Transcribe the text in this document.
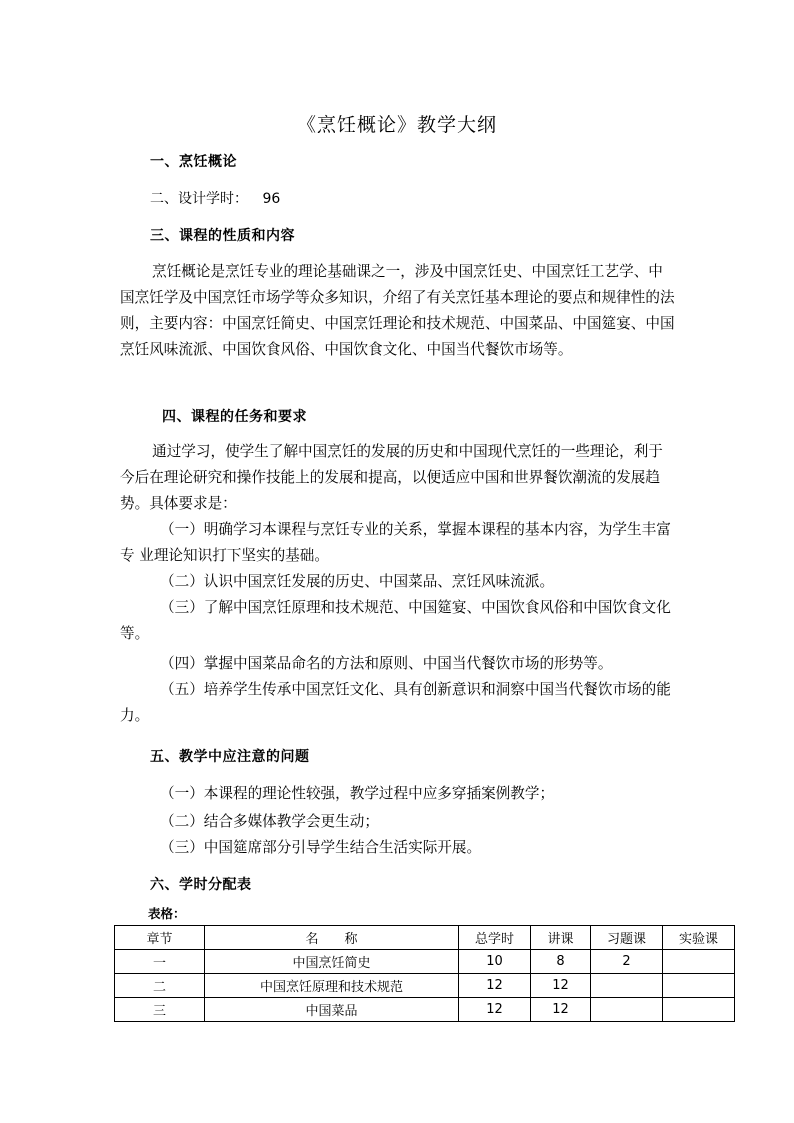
《烹饪概论》教学大纲
一、烹饪概论
二、设计学时： 96
三、课程的性质和内容

烹饪概论是烹饪专业的理论基础课之一，涉及中国烹饪史、中国烹饪工艺学、中国烹饪学及中国烹饪市场学等众多知识，介绍了有关烹饪基本理论的要点和规律性的法则，主要内容：中国烹饪简史、中国烹饪理论和技术规范、中国菜品、中国筵宴、中国烹饪风味流派、中国饮食风俗、中国饮食文化、中国当代餐饮市场等。

四、课程的任务和要求

通过学习，使学生了解中国烹饪的发展的历史和中国现代烹饪的一些理论，利于今后在理论研究和操作技能上的发展和提高，以便适应中国和世界餐饮潮流的发展趋势。具体要求是：

（一）明确学习本课程与烹饪专业的关系，掌握本课程的基本内容，为学生丰富专 业理论知识打下坚实的基础。

（二）认识中国烹饪发展的历史、中国菜品、烹饪风味流派。

（三）了解中国烹饪原理和技术规范、中国筵宴、中国饮食风俗和中国饮食文化等。

（四）掌握中国菜品命名的方法和原则、中国当代餐饮市场的形势等。

（五）培养学生传承中国烹饪文化、具有创新意识和洞察中国当代餐饮市场的能力。

五、教学中应注意的问题
（一）本课程的理论性较强，教学过程中应多穿插案例教学；
（二）结合多媒体教学会更生动；
（三）中国筵席部分引导学生结合生活实际开展。
六、学时分配表
表格：
章节	名　　称	总学时	讲课	习题课	实验课
一	中国烹饪简史	10	8	2	
二	中国烹饪原理和技术规范	12	12		
三	中国菜品	12	12		
